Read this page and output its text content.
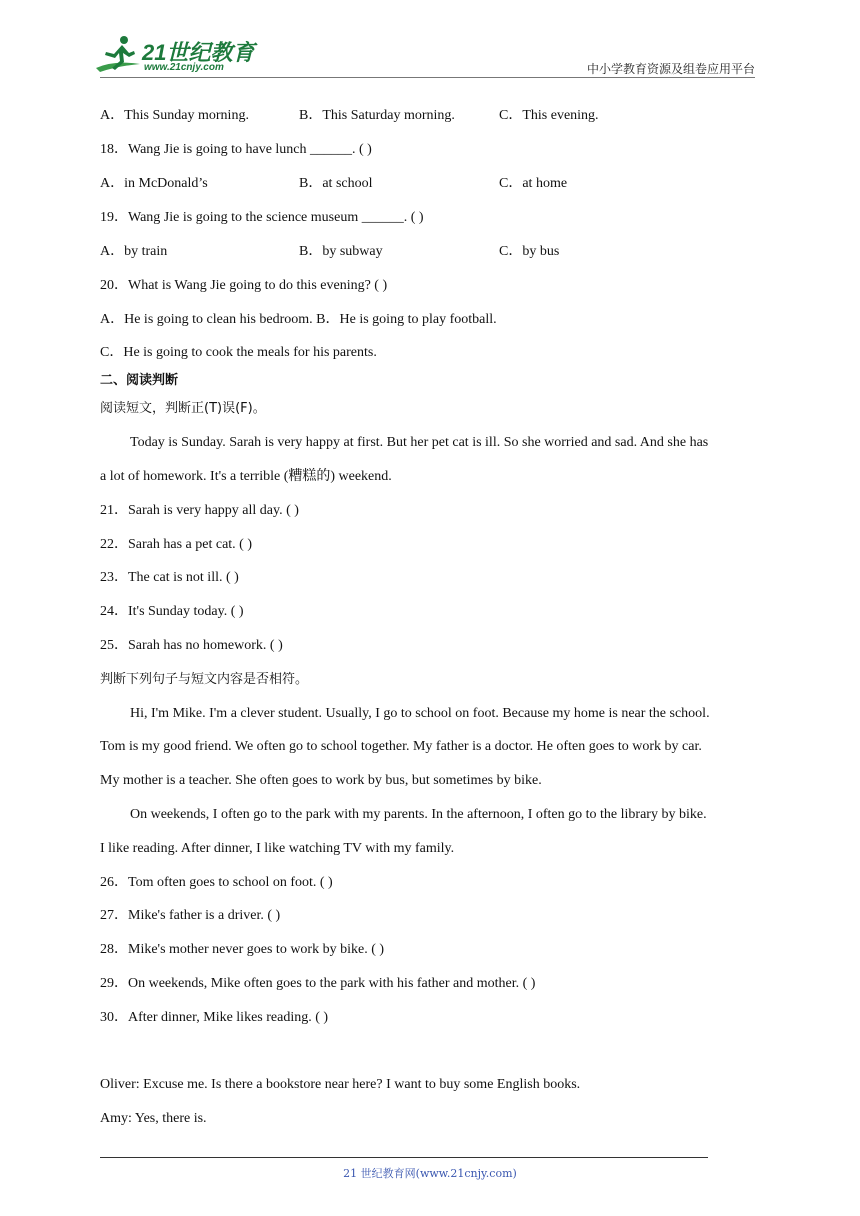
21世纪教育
www.21cnjy.com	中小学教育资源及组卷应用平台
A．This Sunday morning.	B．This Saturday morning.	C．This evening.
18．Wang Jie is going to have lunch ______. ( )
A．in McDonald’s	B．at school	C．at home
19．Wang Jie is going to the science museum ______. ( )
A．by train	B．by subway	C．by bus
20．What is Wang Jie going to do this evening? ( )
A．He is going to clean his bedroom. B．He is going to play football.
C．He is going to cook the meals for his parents.
二、阅读判断
阅读短文，判断正(T)误(F)。
Today is Sunday. Sarah is very happy at first. But her pet cat is ill. So she worried and sad. And she has
a lot of homework. It's a terrible (糟糕的) weekend.
21．Sarah is very happy all day. ( )
22．Sarah has a pet cat. ( )
23．The cat is not ill. ( )
24．It's Sunday today. ( )
25．Sarah has no homework. ( )
判断下列句子与短文内容是否相符。
Hi, I'm Mike. I'm a clever student. Usually, I go to school on foot. Because my home is near the school.
Tom is my good friend. We often go to school together. My father is a doctor. He often goes to work by car.
My mother is a teacher. She often goes to work by bus, but sometimes by bike.
On weekends, I often go to the park with my parents. In the afternoon, I often go to the library by bike.
I like reading. After dinner, I like watching TV with my family.
26．Tom often goes to school on foot. ( )
27．Mike's father is a driver. ( )
28．Mike's mother never goes to work by bike. ( )
29．On weekends, Mike often goes to the park with his father and mother. ( )
30．After dinner, Mike likes reading. ( )
Oliver: Excuse me. Is there a bookstore near here? I want to buy some English books.
Amy: Yes, there is.
21 世纪教育网(www.21cnjy.com)
